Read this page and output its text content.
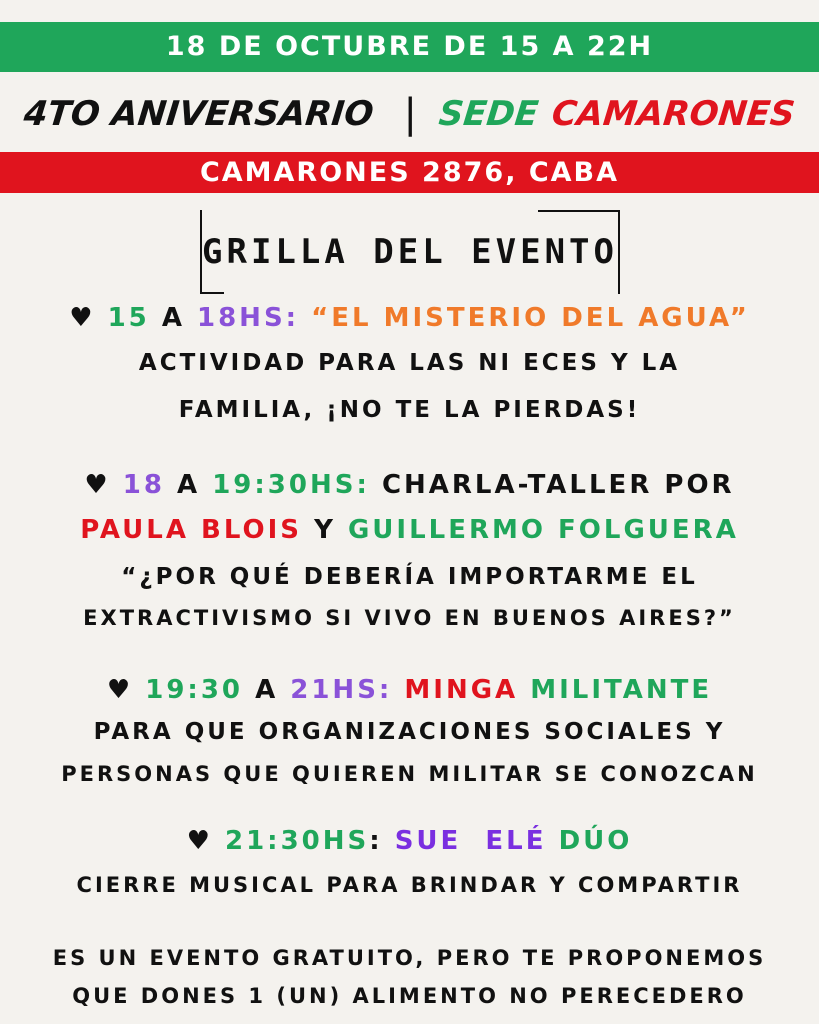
18 DE OCTUBRE DE 15 A 22H
4TO ANIVERSARIO | SEDE CAMARONES
CAMARONES 2876, CABA
GRILLA DEL EVENTO
♥ 15 A 18HS: “EL MISTERIO DEL AGUA”
ACTIVIDAD PARA LAS NI ECES Y LA
FAMILIA, ¡NO TE LA PIERDAS!
♥ 18 A 19:30HS: CHARLA-TALLER POR
PAULA BLOIS Y GUILLERMO FOLGUERA
“¿POR QUÉ DEBERÍA IMPORTARME EL
EXTRACTIVISMO SI VIVO EN BUENOS AIRES?”
♥ 19:30 A 21HS: MINGA MILITANTE
PARA QUE ORGANIZACIONES SOCIALES Y
PERSONAS QUE QUIEREN MILITAR SE CONOZCAN
♥ 21:30HS: SUE ELÉ DÚO
CIERRE MUSICAL PARA BRINDAR Y COMPARTIR
ES UN EVENTO GRATUITO, PERO TE PROPONEMOS
QUE DONES 1 (UN) ALIMENTO NO PERECEDERO
